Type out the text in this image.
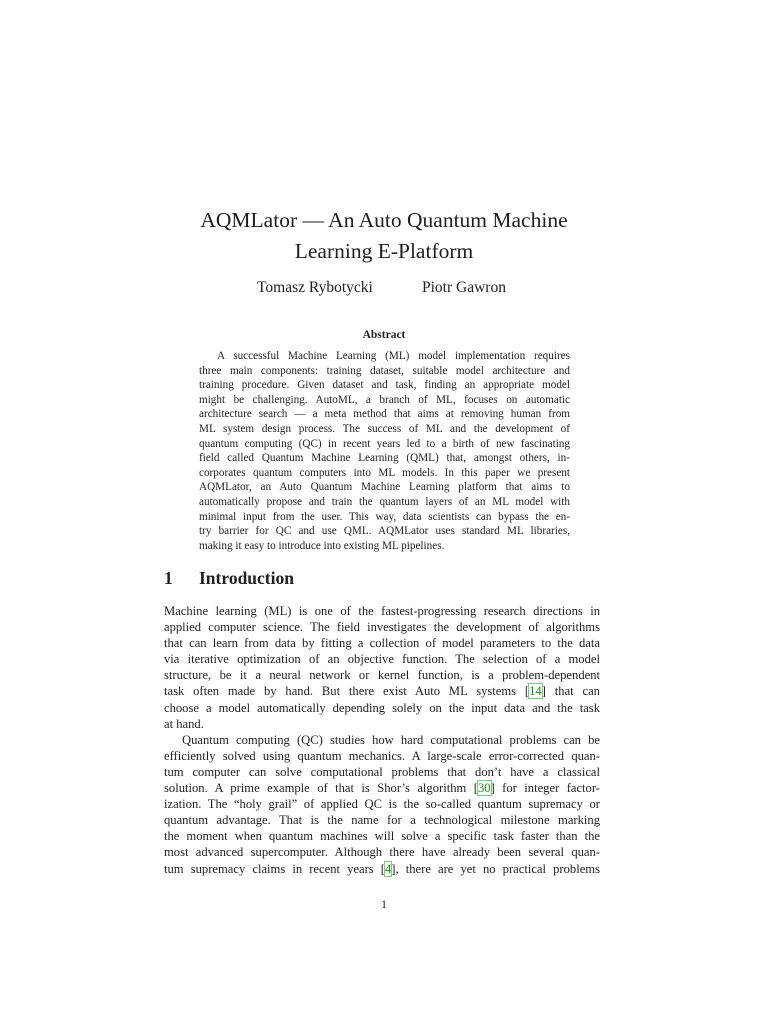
AQMLator — An Auto Quantum Machine
Learning E-Platform
Tomasz Rybotycki	Piotr Gawron
Abstract
A successful Machine Learning (ML) model implementation requires
three main components: training dataset, suitable model architecture and
training procedure. Given dataset and task, finding an appropriate model
might be challenging. AutoML, a branch of ML, focuses on automatic
architecture search — a meta method that aims at removing human from
ML system design process. The success of ML and the development of
quantum computing (QC) in recent years led to a birth of new fascinating
field called Quantum Machine Learning (QML) that, amongst others, in-
corporates quantum computers into ML models. In this paper we present
AQMLator, an Auto Quantum Machine Learning platform that aims to
automatically propose and train the quantum layers of an ML model with
minimal input from the user. This way, data scientists can bypass the en-
try barrier for QC and use QML. AQMLator uses standard ML libraries,
making it easy to introduce into existing ML pipelines.
1 Introduction
Machine learning (ML) is one of the fastest-progressing research directions in
applied computer science. The field investigates the development of algorithms
that can learn from data by fitting a collection of model parameters to the data
via iterative optimization of an objective function. The selection of a model
structure, be it a neural network or kernel function, is a problem-dependent
task often made by hand. But there exist Auto ML systems [14] that can
choose a model automatically depending solely on the input data and the task
at hand.
Quantum computing (QC) studies how hard computational problems can be
efficiently solved using quantum mechanics. A large-scale error-corrected quan-
tum computer can solve computational problems that don’t have a classical
solution. A prime example of that is Shor’s algorithm [30] for integer factor-
ization. The “holy grail” of applied QC is the so-called quantum supremacy or
quantum advantage. That is the name for a technological milestone marking
the moment when quantum machines will solve a specific task faster than the
most advanced supercomputer. Although there have already been several quan-
tum supremacy claims in recent years [4], there are yet no practical problems
1
